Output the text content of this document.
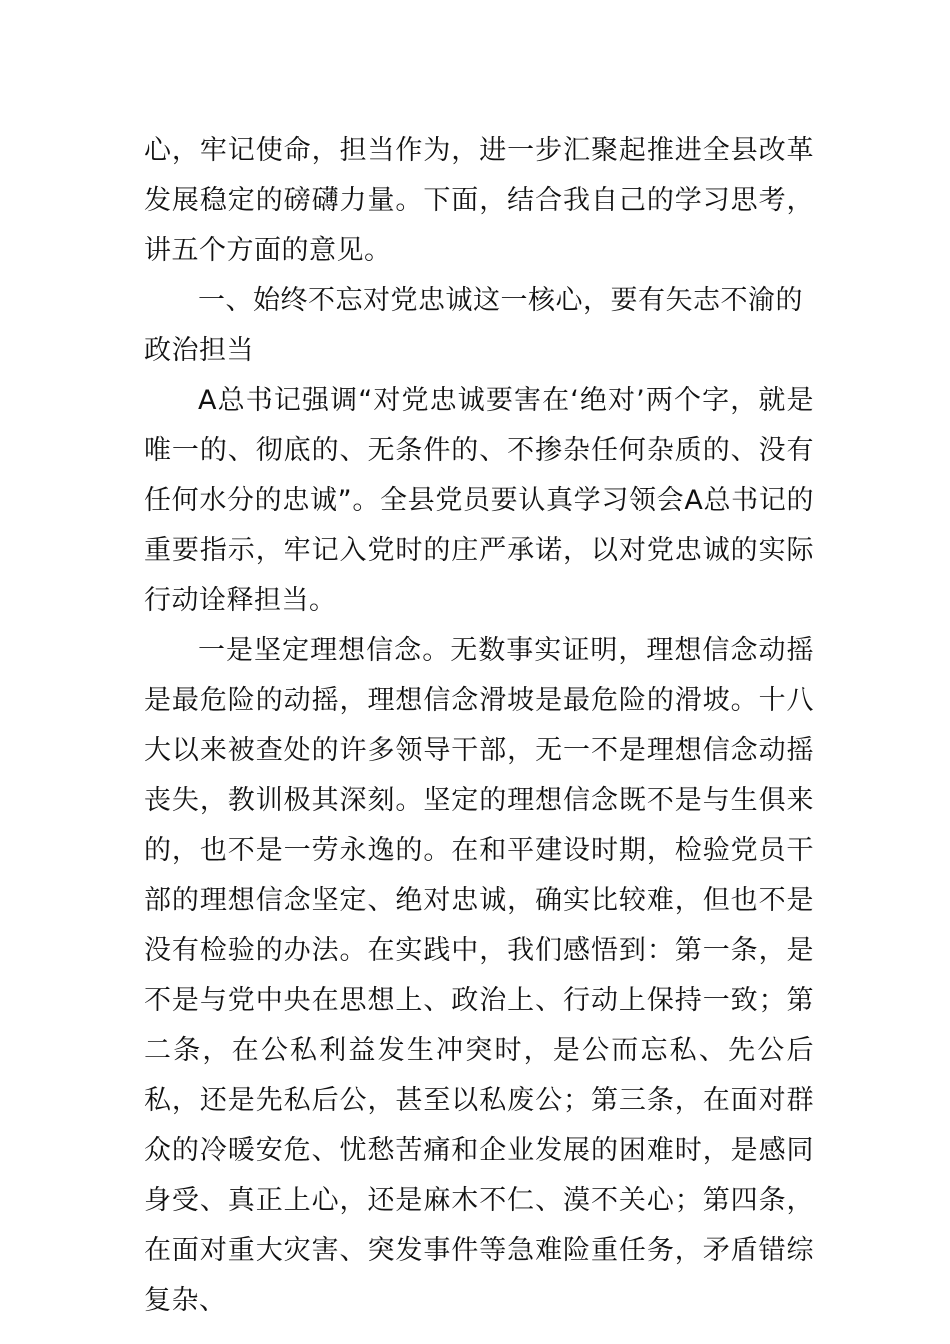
心，牢记使命，担当作为，进一步汇聚起推进全县改革发展稳定的磅礴力量。下面，结合我自己的学习思考，讲五个方面的意见。

一、始终不忘对党忠诚这一核心，要有矢志不渝的政治担当

A总书记强调“对党忠诚要害在‘绝对’两个字，就是唯一的、彻底的、无条件的、不掺杂任何杂质的、没有任何水分的忠诚”。全县党员要认真学习领会A总书记的重要指示，牢记入党时的庄严承诺，以对党忠诚的实际行动诠释担当。

一是坚定理想信念。无数事实证明，理想信念动摇是最危险的动摇，理想信念滑坡是最危险的滑坡。十八大以来被查处的许多领导干部，无一不是理想信念动摇丧失，教训极其深刻。坚定的理想信念既不是与生俱来的，也不是一劳永逸的。在和平建设时期，检验党员干部的理想信念坚定、绝对忠诚，确实比较难，但也不是没有检验的办法。在实践中，我们感悟到：第一条，是不是与党中央在思想上、政治上、行动上保持一致；第二条，在公私利益发生冲突时，是公而忘私、先公后私，还是先私后公，甚至以私废公；第三条，在面对群众的冷暖安危、忧愁苦痛和企业发展的困难时，是感同身受、真正上心，还是麻木不仁、漠不关心；第四条，在面对重大灾害、突发事件等急难险重任务，矛盾错综复杂、
